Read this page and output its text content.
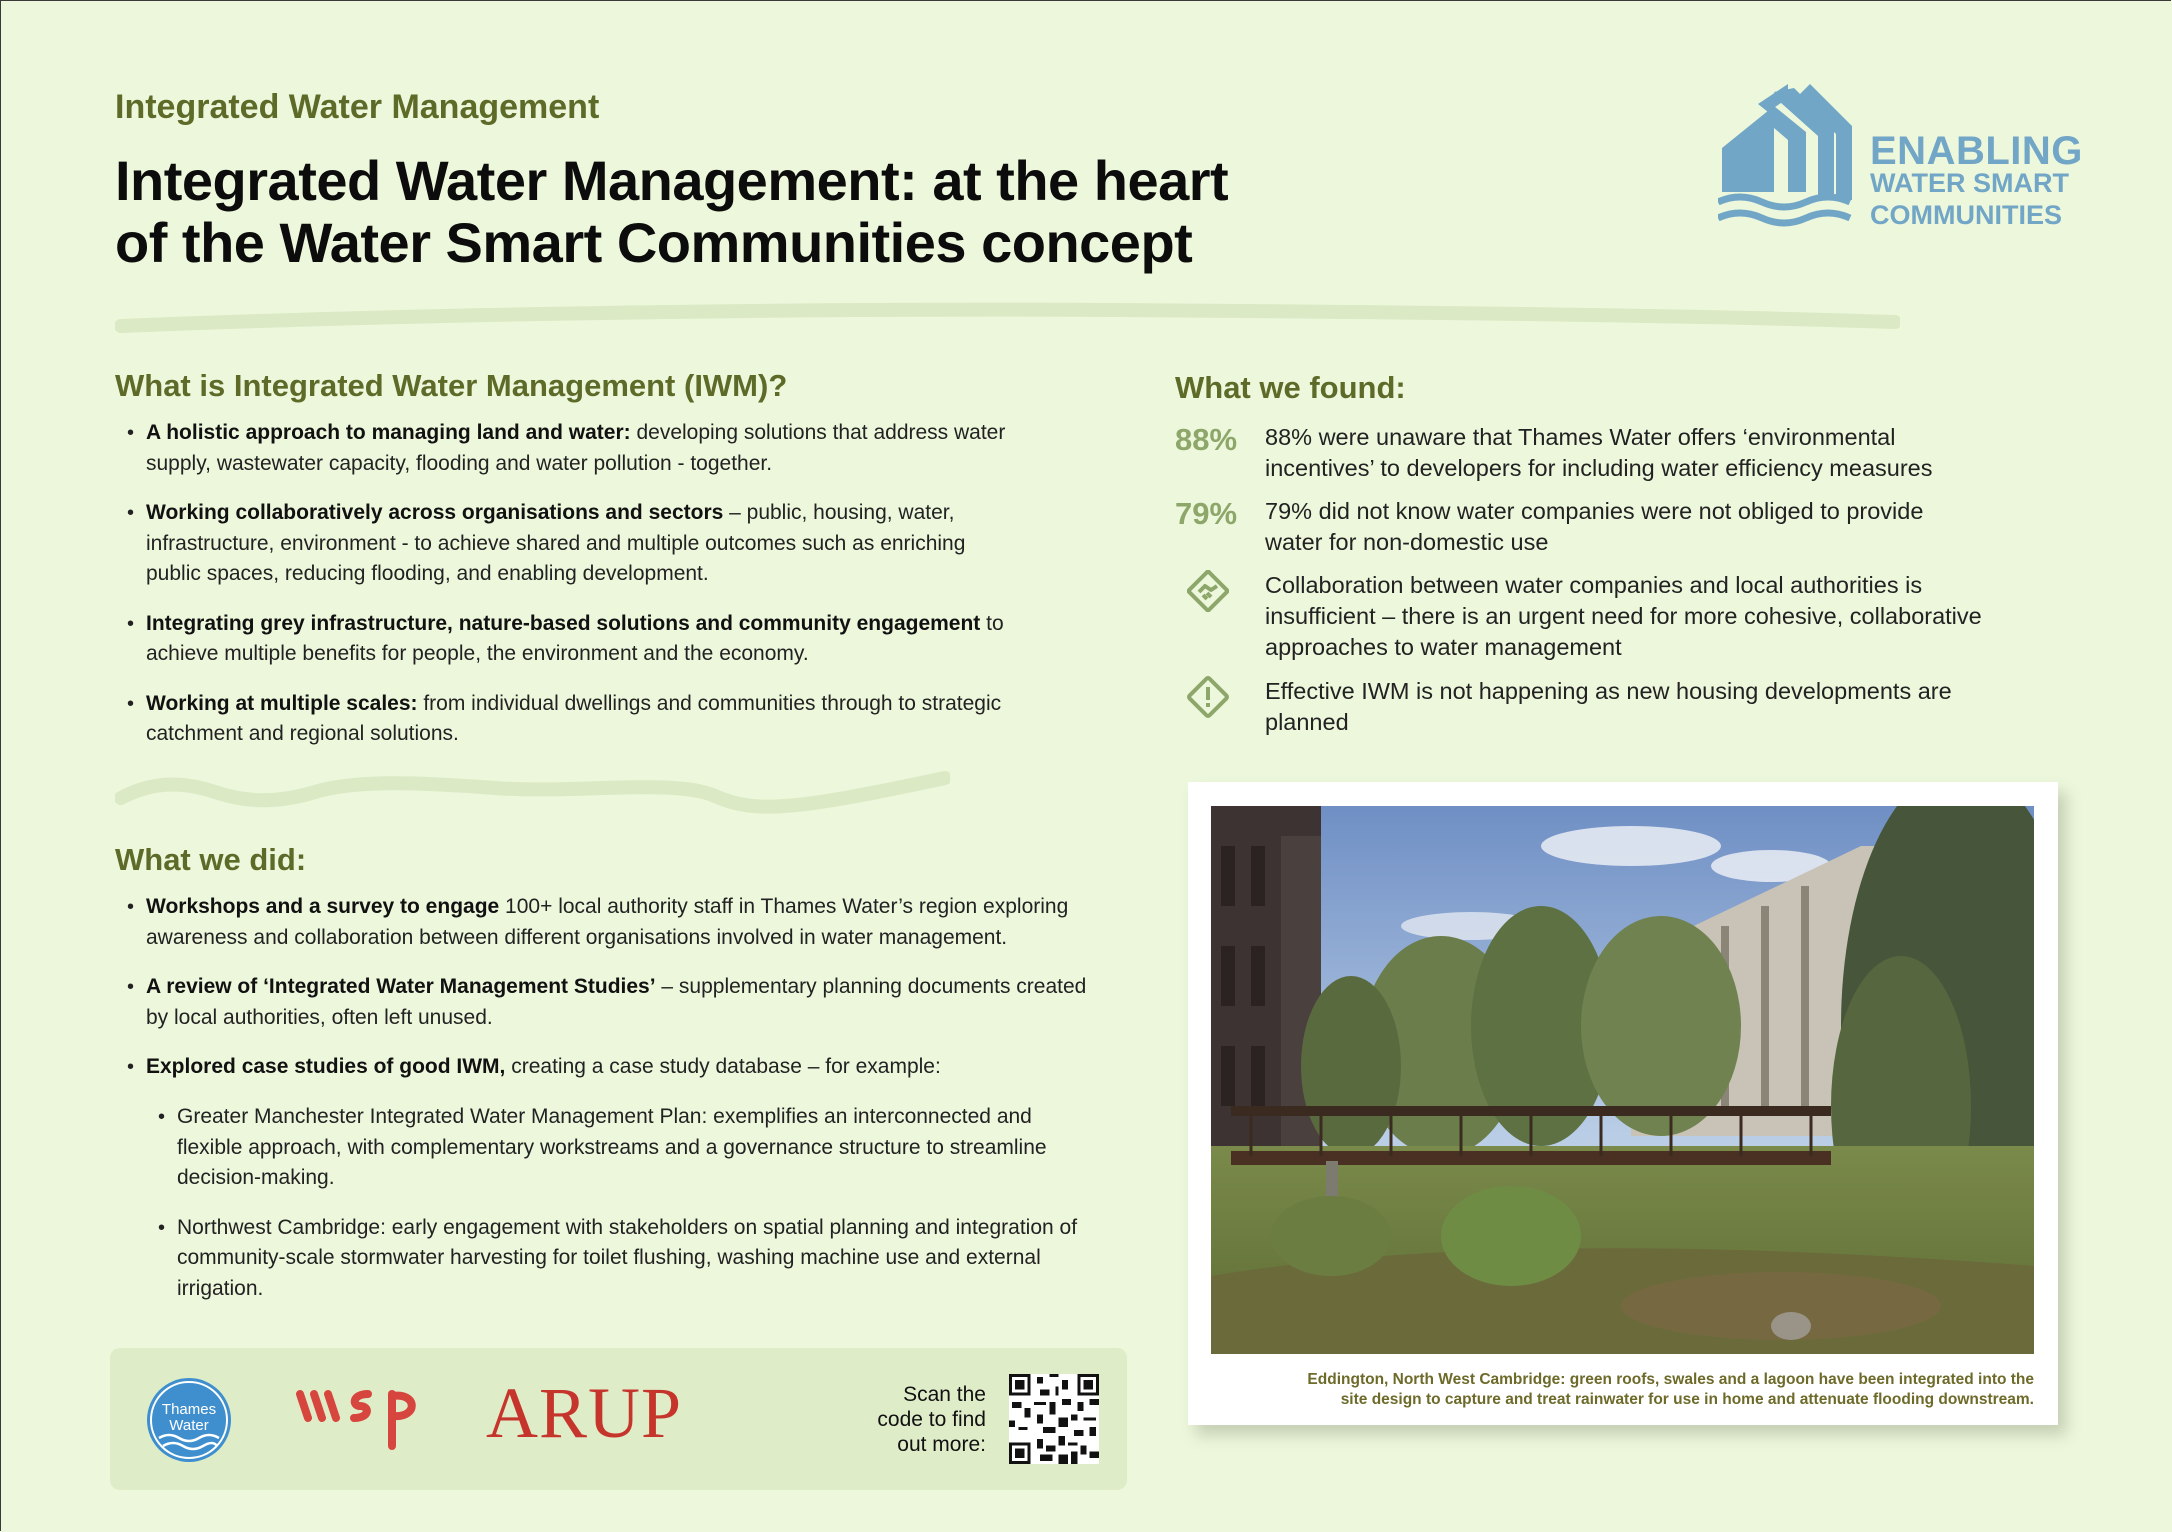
Integrated Water Management
Integrated Water Management: at the heart
of the Water Smart Communities concept
ENABLING
WATER SMART
COMMUNITIES
What is Integrated Water Management (IWM)?
• A holistic approach to managing land and water: developing solutions that address water supply, wastewater capacity, flooding and water pollution - together.
• Working collaboratively across organisations and sectors – public, housing, water, infrastructure, environment - to achieve shared and multiple outcomes such as enriching public spaces, reducing flooding, and enabling development.
• Integrating grey infrastructure, nature-based solutions and community engagement to achieve multiple benefits for people, the environment and the economy.
• Working at multiple scales: from individual dwellings and communities through to strategic catchment and regional solutions.
What we did:
• Workshops and a survey to engage 100+ local authority staff in Thames Water’s region exploring awareness and collaboration between different organisations involved in water management.
• A review of ‘Integrated Water Management Studies’ – supplementary planning documents created by local authorities, often left unused.
• Explored case studies of good IWM, creating a case study database – for example:
• Greater Manchester Integrated Water Management Plan: exemplifies an interconnected and flexible approach, with complementary workstreams and a governance structure to streamline decision-making.
• Northwest Cambridge: early engagement with stakeholders on spatial planning and integration of community-scale stormwater harvesting for toilet flushing, washing machine use and external irrigation.
What we found:
88%	88% were unaware that Thames Water offers ‘environmental incentives’ to developers for including water efficiency measures
79%	79% did not know water companies were not obliged to provide water for non-domestic use
Collaboration between water companies and local authorities is insufficient – there is an urgent need for more cohesive, collaborative approaches to water management
Effective IWM is not happening as new housing developments are planned
Eddington, North West Cambridge: green roofs, swales and a lagoon have been integrated into the
site design to capture and treat rainwater for use in home and attenuate flooding downstream.
Thames
Water	ARUP	Scan the
code to find
out more:
